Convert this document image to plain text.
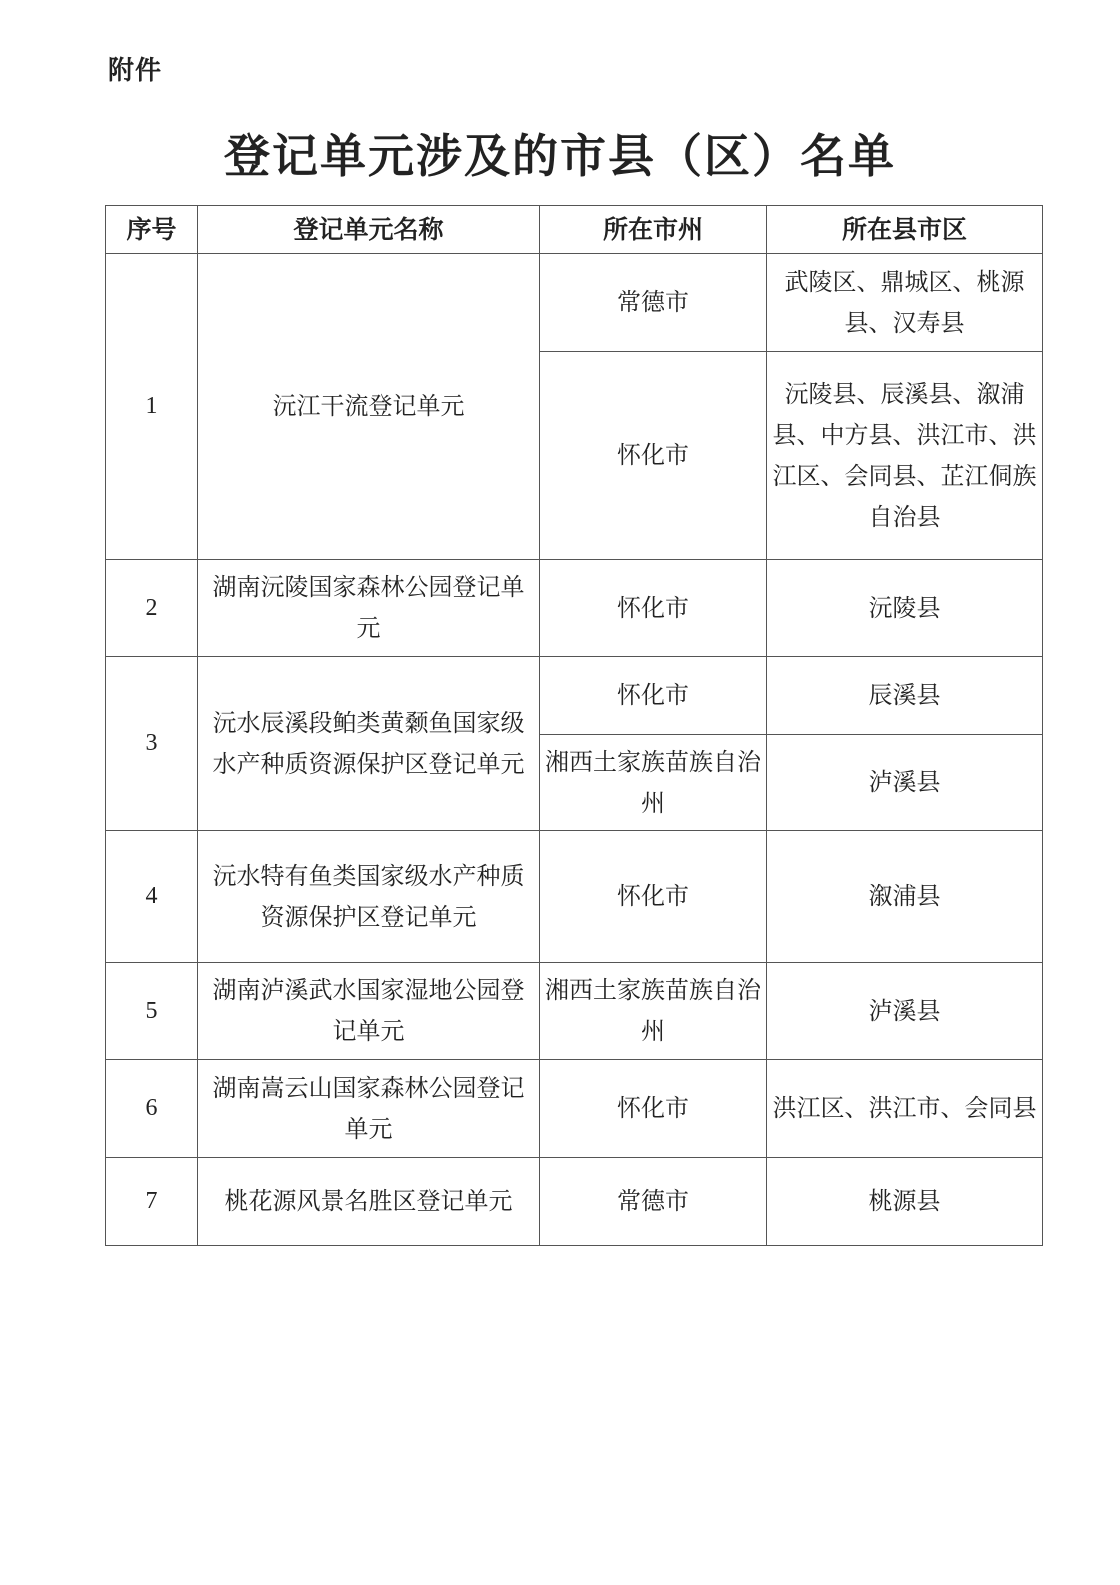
附件
登记单元涉及的市县（区）名单
序号	登记单元名称	所在市州	所在县市区
1	沅江干流登记单元	常德市	武陵区、鼎城区、桃源县、汉寿县
		怀化市	沅陵县、辰溪县、溆浦县、中方县、洪江市、洪江区、会同县、芷江侗族自治县
2	湖南沅陵国家森林公园登记单元	怀化市	沅陵县
3	沅水辰溪段鲌类黄颡鱼国家级水产种质资源保护区登记单元	怀化市	辰溪县
		湘西土家族苗族自治州	泸溪县
4	沅水特有鱼类国家级水产种质资源保护区登记单元	怀化市	溆浦县
5	湖南泸溪武水国家湿地公园登记单元	湘西土家族苗族自治州	泸溪县
6	湖南嵩云山国家森林公园登记单元	怀化市	洪江区、洪江市、会同县
7	桃花源风景名胜区登记单元	常德市	桃源县
